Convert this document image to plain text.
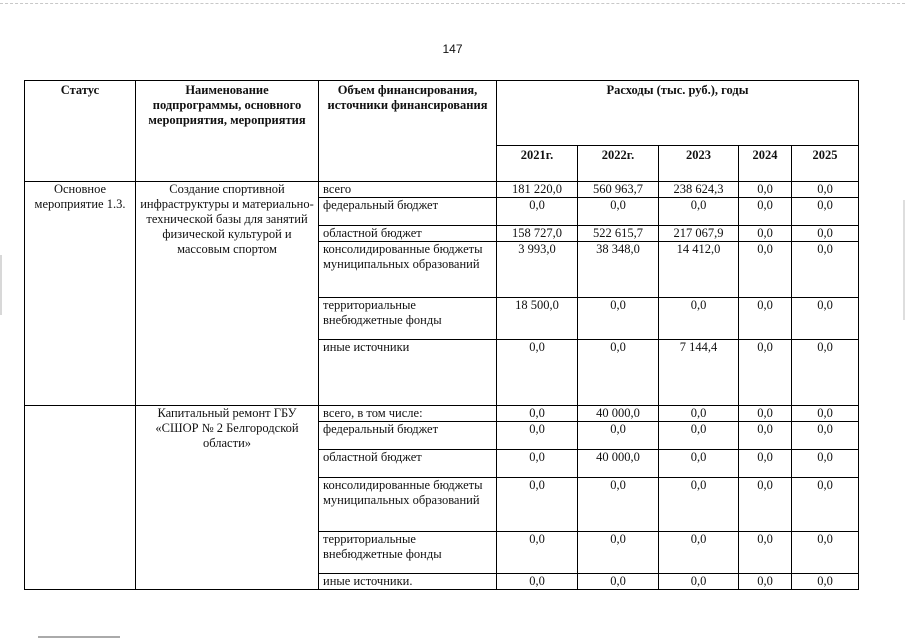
147
Статус	Наименование подпрограммы, основного мероприятия, мероприятия	Объем финансирования, источники финансирования	Расходы (тыс. руб.), годы				
			2021г.	2022г.	2023	2024	2025
Основное мероприятие 1.3.	Создание спортивной инфраструктуры и материально-технической базы для занятий физической культурой и массовым спортом	всего	181 220,0	560 963,7	238 624,3	0,0	0,0
		федеральный бюджет	0,0	0,0	0,0	0,0	0,0
		областной бюджет	158 727,0	522 615,7	217 067,9	0,0	0,0
		консолидированные бюджеты муниципальных образований	3 993,0	38 348,0	14 412,0	0,0	0,0
		территориальные внебюджетные фонды	18 500,0	0,0	0,0	0,0	0,0
		иные источники	0,0	0,0	7 144,4	0,0	0,0
	Капитальный ремонт ГБУ «СШОР № 2 Белгородской области»	всего, в том числе:	0,0	40 000,0	0,0	0,0	0,0
		федеральный бюджет	0,0	0,0	0,0	0,0	0,0
		областной бюджет	0,0	40 000,0	0,0	0,0	0,0
		консолидированные бюджеты муниципальных образований	0,0	0,0	0,0	0,0	0,0
		территориальные внебюджетные фонды	0,0	0,0	0,0	0,0	0,0
		иные источники.	0,0	0,0	0,0	0,0	0,0
